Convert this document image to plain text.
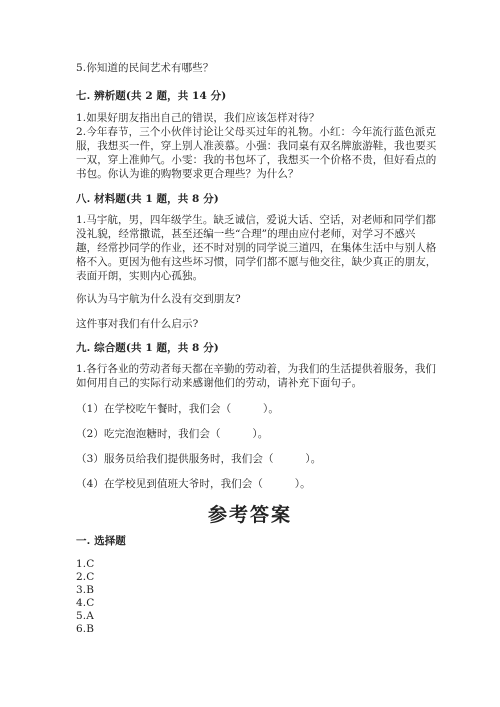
5.你知道的民间艺术有哪些？
七. 辨析题(共 2 题，共 14 分)
1.如果好朋友指出自己的错误，我们应该怎样对待？
2.今年春节，三个小伙伴讨论让父母买过年的礼物。小红：今年流行蓝色派克
服，我想买一件，穿上别人准羡慕。小强：我同桌有双名牌旅游鞋，我也要买
一双，穿上准帅气。小雯：我的书包坏了，我想买一个价格不贵，但好看点的
书包。你认为谁的购物要求更合理些？为什么？
八. 材料题(共 1 题，共 8 分)
1.马宇航，男，四年级学生。缺乏诚信，爱说大话、空话，对老师和同学们都
没礼貌，经常撒谎，甚至还编一些“合理”的理由应付老师，对学习不感兴
趣，经常抄同学的作业，还不时对别的同学说三道四，在集体生活中与别人格
格不入。更因为他有这些坏习惯，同学们都不愿与他交往，缺少真正的朋友，
表面开朗，实则内心孤独。
你认为马宇航为什么没有交到朋友?
这件事对我们有什么启示?
九. 综合题(共 1 题，共 8 分)
1.各行各业的劳动者每天都在辛勤的劳动着，为我们的生活提供着服务，我们
如何用自己的实际行动来感谢他们的劳动，请补充下面句子。
（1）在学校吃午餐时，我们会（　　　）。
（2）吃完泡泡糖时，我们会（　　　）。
（3）服务员给我们提供服务时，我们会（　　　）。
（4）在学校见到值班大爷时，我们会（　　　）。
参考答案
一. 选择题
1.C
2.C
3.B
4.C
5.A
6.B
